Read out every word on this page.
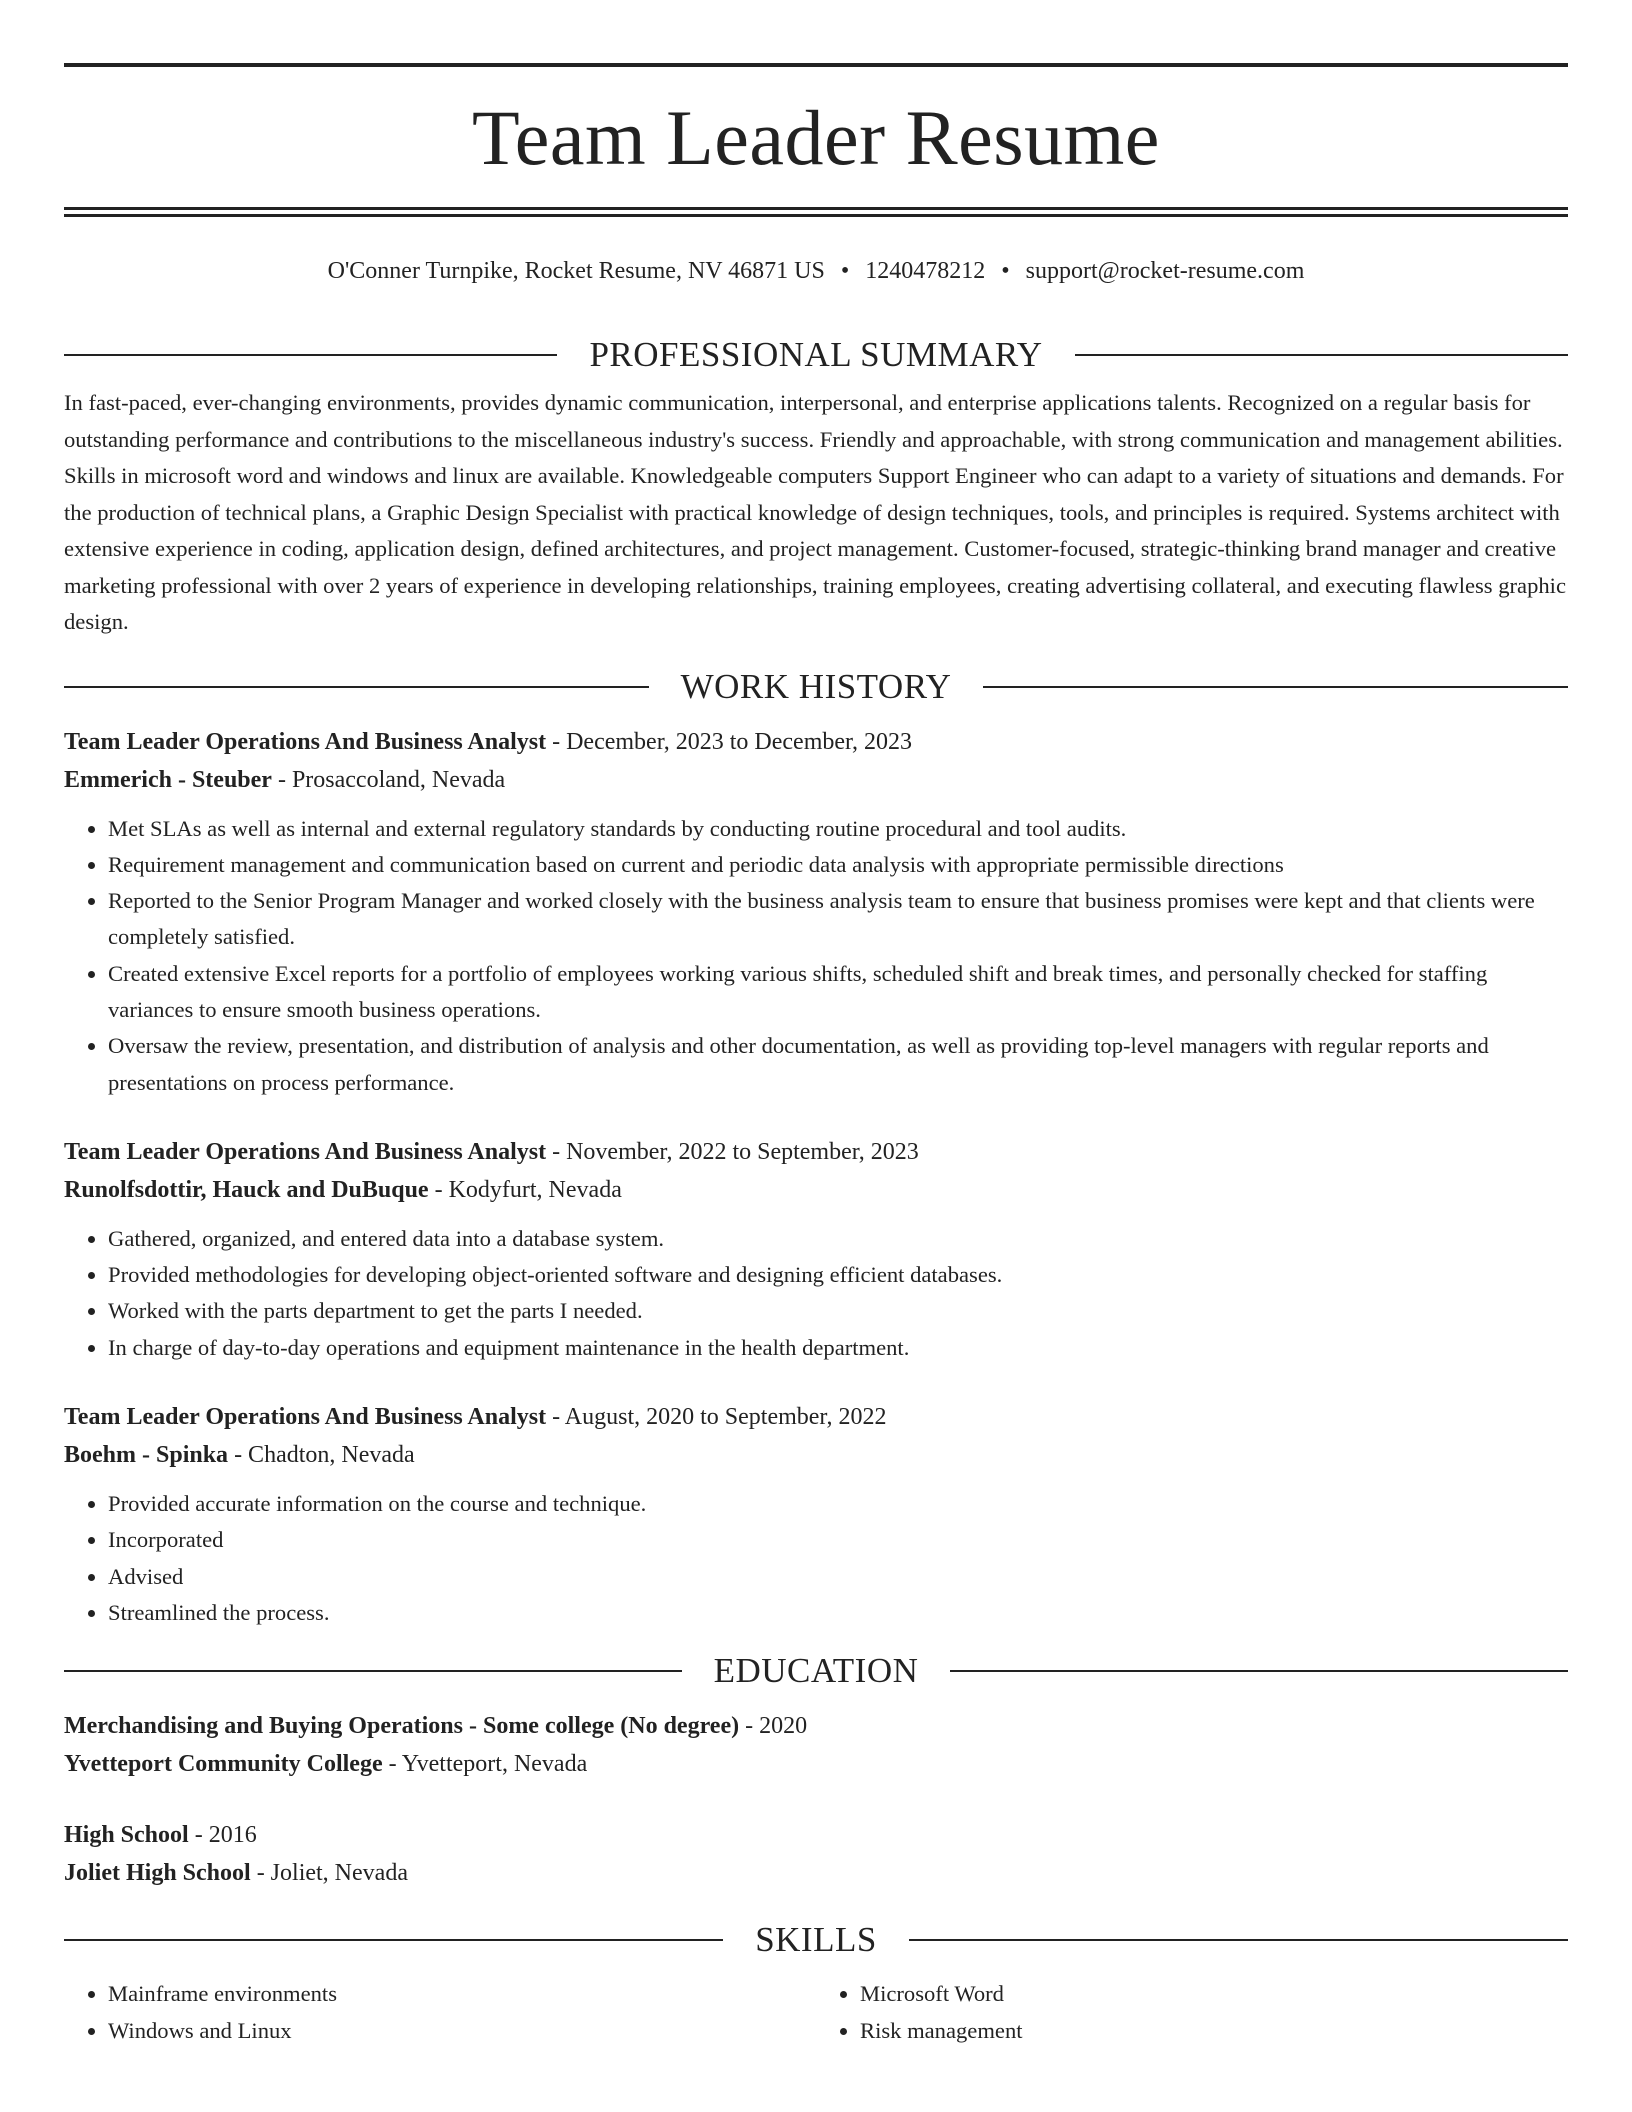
Team Leader Resume
O'Conner Turnpike, Rocket Resume, NV 46871 US • 1240478212 • support@rocket-resume.com
PROFESSIONAL SUMMARY

In fast-paced, ever-changing environments, provides dynamic communication, interpersonal, and enterprise applications talents. Recognized on a regular basis for outstanding performance and contributions to the miscellaneous industry's success. Friendly and approachable, with strong communication and management abilities. Skills in microsoft word and windows and linux are available. Knowledgeable computers Support Engineer who can adapt to a variety of situations and demands. For the production of technical plans, a Graphic Design Specialist with practical knowledge of design techniques, tools, and principles is required. Systems architect with extensive experience in coding, application design, defined architectures, and project management. Customer-focused, strategic-thinking brand manager and creative marketing professional with over 2 years of experience in developing relationships, training employees, creating advertising collateral, and executing flawless graphic design.

WORK HISTORY
Team Leader Operations And Business Analyst - December, 2023 to December, 2023
Emmerich - Steuber - Prosaccoland, Nevada
• Met SLAs as well as internal and external regulatory standards by conducting routine procedural and tool audits.
• Requirement management and communication based on current and periodic data analysis with appropriate permissible directions
• Reported to the Senior Program Manager and worked closely with the business analysis team to ensure that business promises were kept and that clients were completely satisfied.
• Created extensive Excel reports for a portfolio of employees working various shifts, scheduled shift and break times, and personally checked for staffing variances to ensure smooth business operations.
• Oversaw the review, presentation, and distribution of analysis and other documentation, as well as providing top-level managers with regular reports and presentations on process performance.
Team Leader Operations And Business Analyst - November, 2022 to September, 2023
Runolfsdottir, Hauck and DuBuque - Kodyfurt, Nevada
• Gathered, organized, and entered data into a database system.
• Provided methodologies for developing object-oriented software and designing efficient databases.
• Worked with the parts department to get the parts I needed.
• In charge of day-to-day operations and equipment maintenance in the health department.
Team Leader Operations And Business Analyst - August, 2020 to September, 2022
Boehm - Spinka - Chadton, Nevada
• Provided accurate information on the course and technique.
• Incorporated
• Advised
• Streamlined the process.
EDUCATION
Merchandising and Buying Operations - Some college (No degree) - 2020
Yvetteport Community College - Yvetteport, Nevada
High School - 2016
Joliet High School - Joliet, Nevada
SKILLS
• Mainframe environments
• Windows and Linux
• Microsoft Word
• Risk management
